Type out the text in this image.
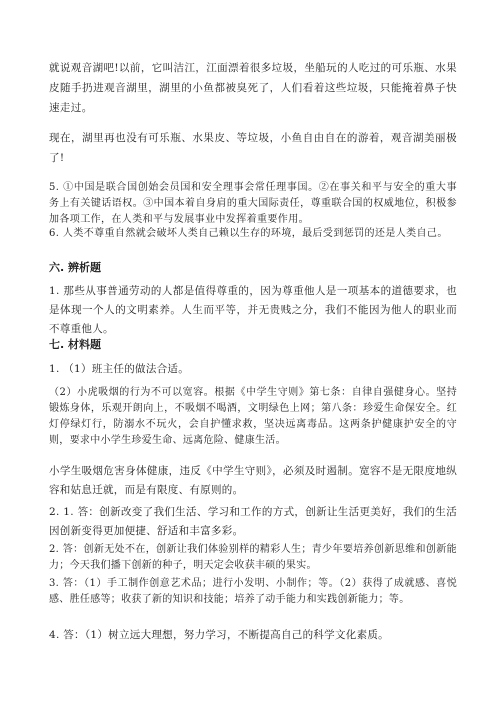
就说观音湖吧!以前，它叫洁江，江面漂着很多垃圾，坐船玩的人吃过的可乐瓶、水果皮随手扔进观音湖里，湖里的小鱼都被臭死了，人们看着这些垃圾，只能掩着鼻子快速走过。

现在，湖里再也没有可乐瓶、水果皮、等垃圾，小鱼自由自在的游着，观音湖美丽极了!

5. ①中国是联合国创始会员国和安全理事会常任理事国。②在事关和平与安全的重大事务上有关键话语权。③中国本着自身肩的重大国际责任，尊重联合国的权威地位，积极参加各项工作，在人类和平与发展事业中发挥着重要作用。

6. 人类不尊重自然就会破坏人类自己赖以生存的环境，最后受到惩罚的还是人类自己。

六. 辨析题

1. 那些从事普通劳动的人都是值得尊重的，因为尊重他人是一项基本的道德要求，也是体现一个人的文明素养。人生而平等，并无贵贱之分，我们不能因为他人的职业而不尊重他人。

七. 材料题

1. （1）班主任的做法合适。

（2）小虎吸烟的行为不可以宽容。根据《中学生守则》第七条：自律自强健身心。坚持锻炼身体，乐观开朗向上，不吸烟不喝酒，文明绿色上网；第八条：珍爱生命保安全。红灯停绿灯行，防溺水不玩火，会自护懂求救，坚决远离毒品。这两条护健康护安全的守则，要求中小学生珍爱生命、远离危险、健康生活。

小学生吸烟危害身体健康，违反《中学生守则》，必须及时遏制。宽容不是无限度地纵容和姑息迁就，而是有限度、有原则的。

2. 1. 答：创新改变了我们生活、学习和工作的方式，创新让生活更美好，我们的生活因创新变得更加便捷、舒适和丰富多彩。

2. 答：创新无处不在，创新让我们体验别样的精彩人生；青少年要培养创新思维和创新能力；今天我们播下创新的种子，明天定会收获丰硕的果实。

3. 答：（1）手工制作创意艺术品；进行小发明、小制作；等。（2）获得了成就感、喜悦感、胜任感等；收获了新的知识和技能；培养了动手能力和实践创新能力；等。

4. 答：（1）树立远大理想，努力学习，不断提高自己的科学文化素质。
